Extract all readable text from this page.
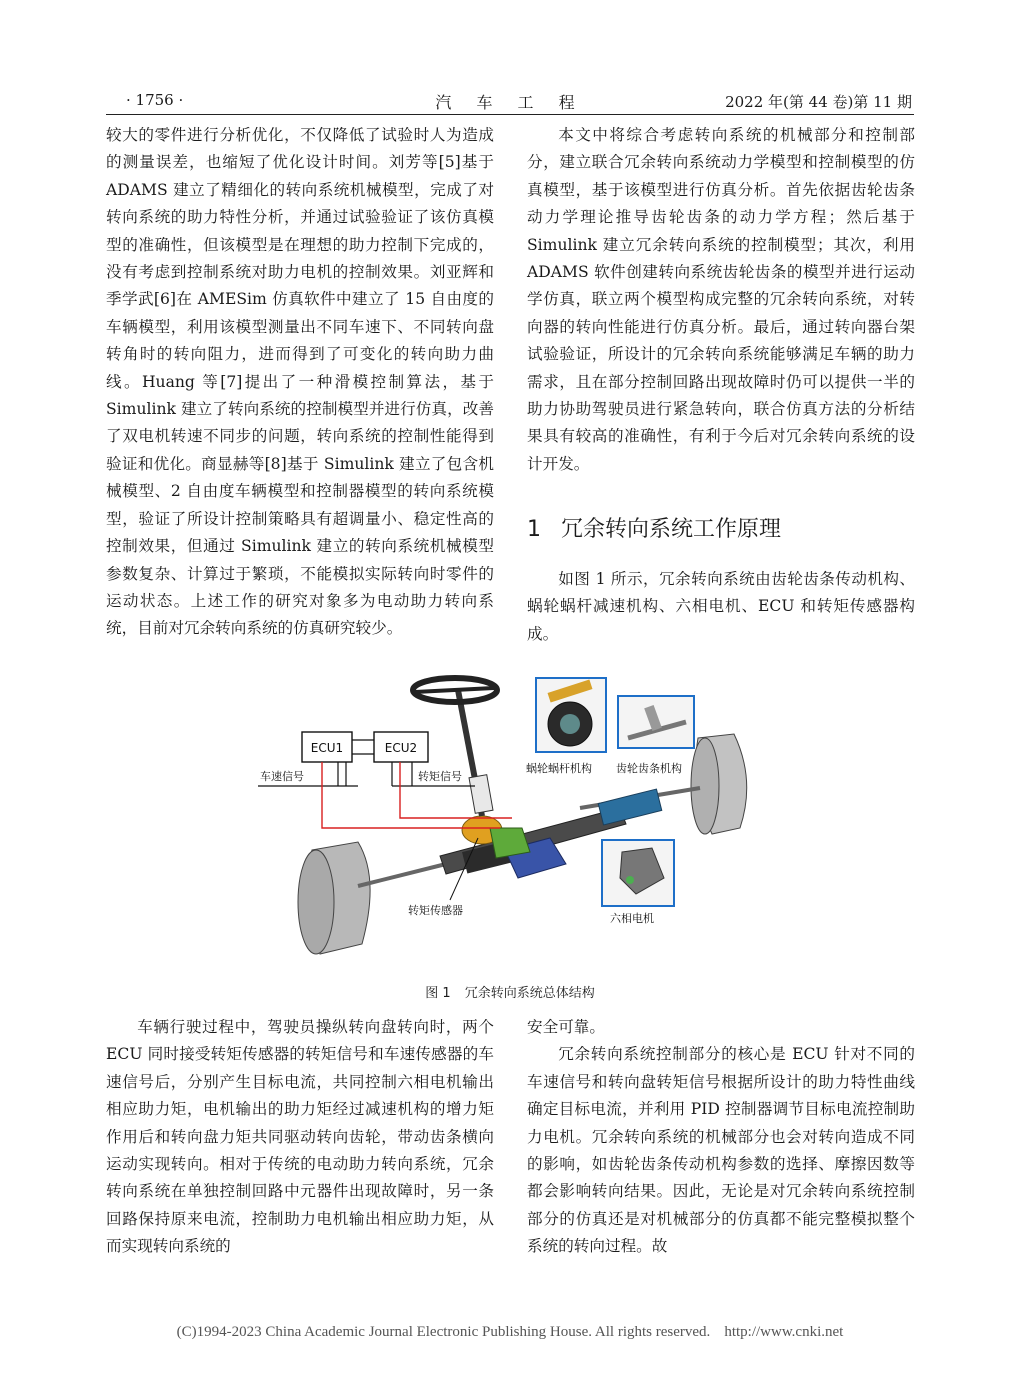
· 1756 ·	汽 车 工 程	2022 年(第 44 卷)第 11 期

较大的零件进行分析优化，不仅降低了试验时人为造成的测量误差，也缩短了优化设计时间。刘芳等[5]基于 ADAMS 建立了精细化的转向系统机械模型，完成了对转向系统的助力特性分析，并通过试验验证了该仿真模型的准确性，但该模型是在理想的助力控制下完成的，没有考虑到控制系统对助力电机的控制效果。刘亚辉和季学武[6]在 AMESim 仿真软件中建立了 15 自由度的车辆模型，利用该模型测量出不同车速下、不同转向盘转角时的转向阻力，进而得到了可变化的转向助力曲线。Huang 等[7]提出了一种滑模控制算法，基于 Simulink 建立了转向系统的控制模型并进行仿真，改善了双电机转速不同步的问题，转向系统的控制性能得到验证和优化。商显赫等[8]基于 Simulink 建立了包含机械模型、2 自由度车辆模型和控制器模型的转向系统模型，验证了所设计控制策略具有超调量小、稳定性高的控制效果，但通过 Simulink 建立的转向系统机械模型参数复杂、计算过于繁琐，不能模拟实际转向时零件的运动状态。上述工作的研究对象多为电动助力转向系统，目前对冗余转向系统的仿真研究较少。

本文中将综合考虑转向系统的机械部分和控制部分，建立联合冗余转向系统动力学模型和控制模型的仿真模型，基于该模型进行仿真分析。首先依据齿轮齿条动力学理论推导齿轮齿条的动力学方程；然后基于 Simulink 建立冗余转向系统的控制模型；其次，利用 ADAMS 软件创建转向系统齿轮齿条的模型并进行运动学仿真，联立两个模型构成完整的冗余转向系统，对转向器的转向性能进行仿真分析。最后，通过转向器台架试验验证，所设计的冗余转向系统能够满足车辆的助力需求，且在部分控制回路出现故障时仍可以提供一半的助力协助驾驶员进行紧急转向，联合仿真方法的分析结果具有较高的准确性，有利于今后对冗余转向系统的设计开发。

1 冗余转向系统工作原理

如图 1 所示，冗余转向系统由齿轮齿条传动机构、蜗轮蜗杆减速机构、六相电机、ECU 和转矩传感器构成。

ECU1	ECU2
车速信号	转矩信号
蜗轮蜗杆机构 齿轮齿条机构
六相电机
转矩传感器
图 1 冗余转向系统总体结构

车辆行驶过程中，驾驶员操纵转向盘转向时，两个 ECU 同时接受转矩传感器的转矩信号和车速传感器的车速信号后，分别产生目标电流，共同控制六相电机输出相应助力矩，电机输出的助力矩经过减速机构的增力矩作用后和转向盘力矩共同驱动转向齿轮，带动齿条横向运动实现转向。相对于传统的电动助力转向系统，冗余转向系统在单独控制回路中元器件出现故障时，另一条回路保持原来电流，控制助力电机输出相应助力矩，从而实现转向系统的

安全可靠。

冗余转向系统控制部分的核心是 ECU 针对不同的车速信号和转向盘转矩信号根据所设计的助力特性曲线确定目标电流，并利用 PID 控制器调节目标电流控制助力电机。冗余转向系统的机械部分也会对转向造成不同的影响，如齿轮齿条传动机构参数的选择、摩擦因数等都会影响转向结果。因此，无论是对冗余转向系统控制部分的仿真还是对机械部分的仿真都不能完整模拟整个系统的转向过程。故

(C)1994-2023 China Academic Journal Electronic Publishing House. All rights reserved. http://www.cnki.net
